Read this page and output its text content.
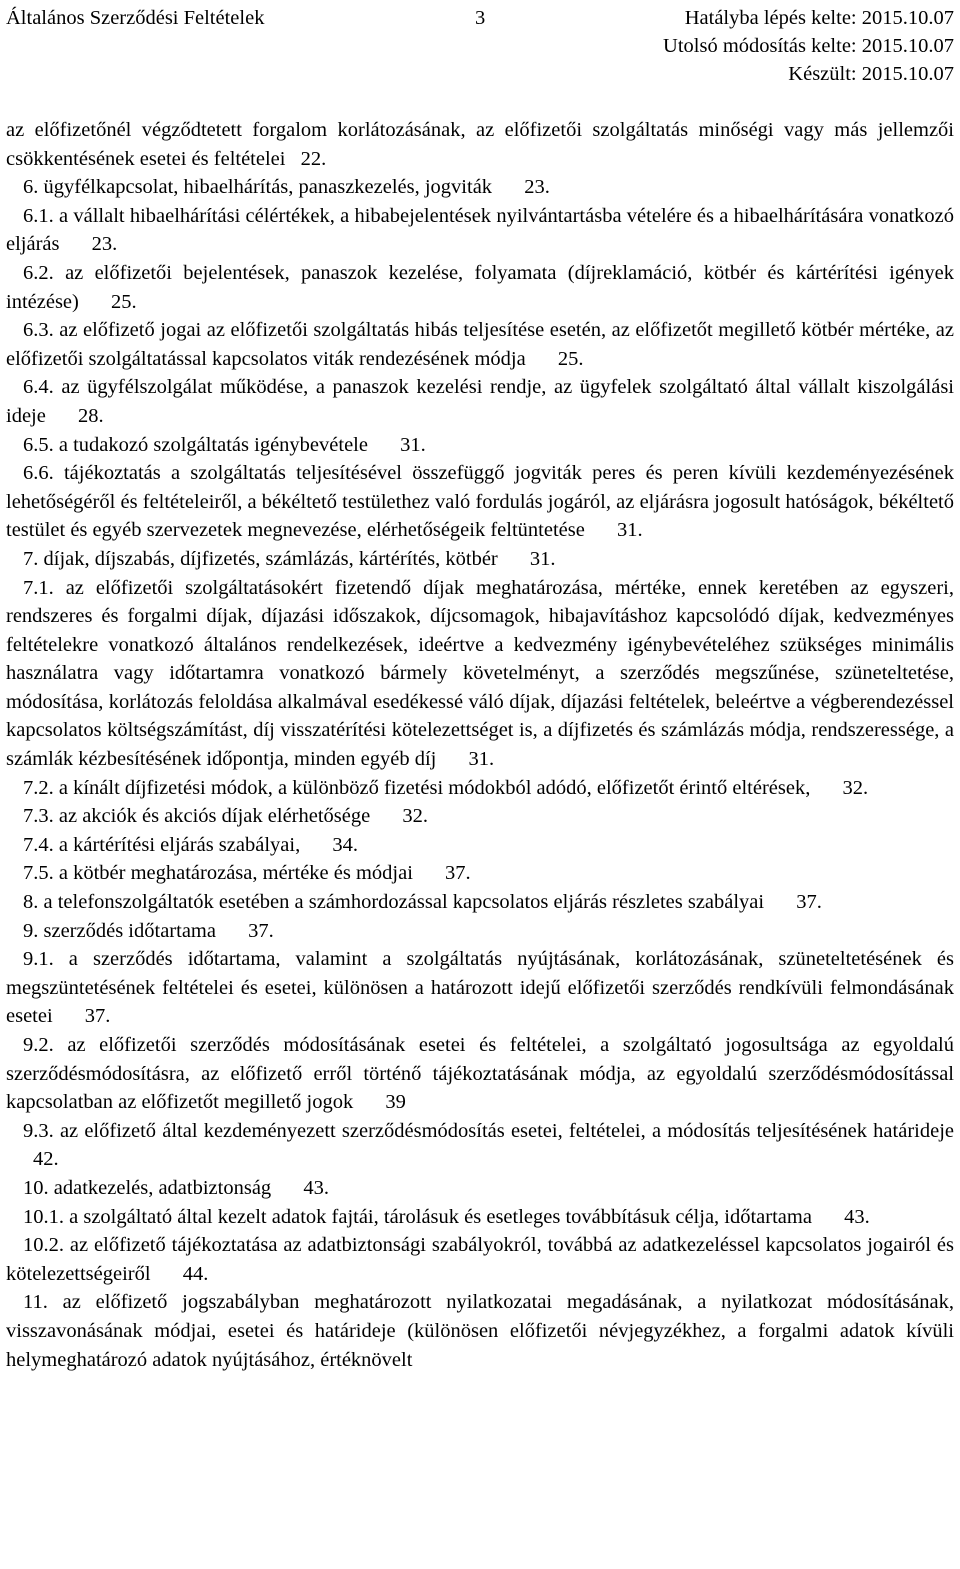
Általános Szerződési Feltételek	3	Hatályba lépés kelte: 2015.10.07
Utolsó módosítás kelte: 2015.10.07
Készült: 2015.10.07
az előfizetőnél végződtetett forgalom korlátozásának, az előfizetői szolgáltatás minőségi vagy más jellemzői csökkentésének esetei és feltételei 22.
6. ügyfélkapcsolat, hibaelhárítás, panaszkezelés, jogviták 23.
6.1. a vállalt hibaelhárítási célértékek, a hibabejelentések nyilvántartásba vételére és a hibaelhárítására vonatkozó eljárás 23.
6.2. az előfizetői bejelentések, panaszok kezelése, folyamata (díjreklamáció, kötbér és kártérítési igények intézése) 25.
6.3. az előfizető jogai az előfizetői szolgáltatás hibás teljesítése esetén, az előfizetőt megillető kötbér mértéke, az előfizetői szolgáltatással kapcsolatos viták rendezésének módja 25.
6.4. az ügyfélszolgálat működése, a panaszok kezelési rendje, az ügyfelek szolgáltató által vállalt kiszolgálási ideje 28.
6.5. a tudakozó szolgáltatás igénybevétele 31.
6.6. tájékoztatás a szolgáltatás teljesítésével összefüggő jogviták peres és peren kívüli kezdeményezésének lehetőségéről és feltételeiről, a békéltető testülethez való fordulás jogáról, az eljárásra jogosult hatóságok, békéltető testület és egyéb szervezetek megnevezése, elérhetőségeik feltüntetése 31.
7. díjak, díjszabás, díjfizetés, számlázás, kártérítés, kötbér 31.
7.1. az előfizetői szolgáltatásokért fizetendő díjak meghatározása, mértéke, ennek keretében az egyszeri, rendszeres és forgalmi díjak, díjazási időszakok, díjcsomagok, hibajavításhoz kapcsolódó díjak, kedvezményes feltételekre vonatkozó általános rendelkezések, ideértve a kedvezmény igénybevételéhez szükséges minimális használatra vagy időtartamra vonatkozó bármely követelményt, a szerződés megszűnése, szüneteltetése, módosítása, korlátozás feloldása alkalmával esedékessé váló díjak, díjazási feltételek, beleértve a végberendezéssel kapcsolatos költségszámítást, díj visszatérítési kötelezettséget is, a díjfizetés és számlázás módja, rendszeressége, a számlák kézbesítésének időpontja, minden egyéb díj 31.
7.2. a kínált díjfizetési módok, a különböző fizetési módokból adódó, előfizetőt érintő eltérések, 32.
7.3. az akciók és akciós díjak elérhetősége 32.
7.4. a kártérítési eljárás szabályai, 34.
7.5. a kötbér meghatározása, mértéke és módjai 37.
8. a telefonszolgáltatók esetében a számhordozással kapcsolatos eljárás részletes szabályai 37.
9. szerződés időtartama 37.
9.1. a szerződés időtartama, valamint a szolgáltatás nyújtásának, korlátozásának, szüneteltetésének és megszüntetésének feltételei és esetei, különösen a határozott idejű előfizetői szerződés rendkívüli felmondásának esetei 37.
9.2. az előfizetői szerződés módosításának esetei és feltételei, a szolgáltató jogosultsága az egyoldalú szerződésmódosításra, az előfizető erről történő tájékoztatásának módja, az egyoldalú szerződésmódosítással kapcsolatban az előfizetőt megillető jogok 39
9.3. az előfizető által kezdeményezett szerződésmódosítás esetei, feltételei, a módosítás teljesítésének határideje 42.
10. adatkezelés, adatbiztonság 43.
10.1. a szolgáltató által kezelt adatok fajtái, tárolásuk és esetleges továbbításuk célja, időtartama 43.
10.2. az előfizető tájékoztatása az adatbiztonsági szabályokról, továbbá az adatkezeléssel kapcsolatos jogairól és kötelezettségeiről 44.
11. az előfizető jogszabályban meghatározott nyilatkozatai megadásának, a nyilatkozat módosításának, visszavonásának módjai, esetei és határideje (különösen előfizetői névjegyzékhez, a forgalmi adatok kívüli helymeghatározó adatok nyújtásához, értéknövelt
